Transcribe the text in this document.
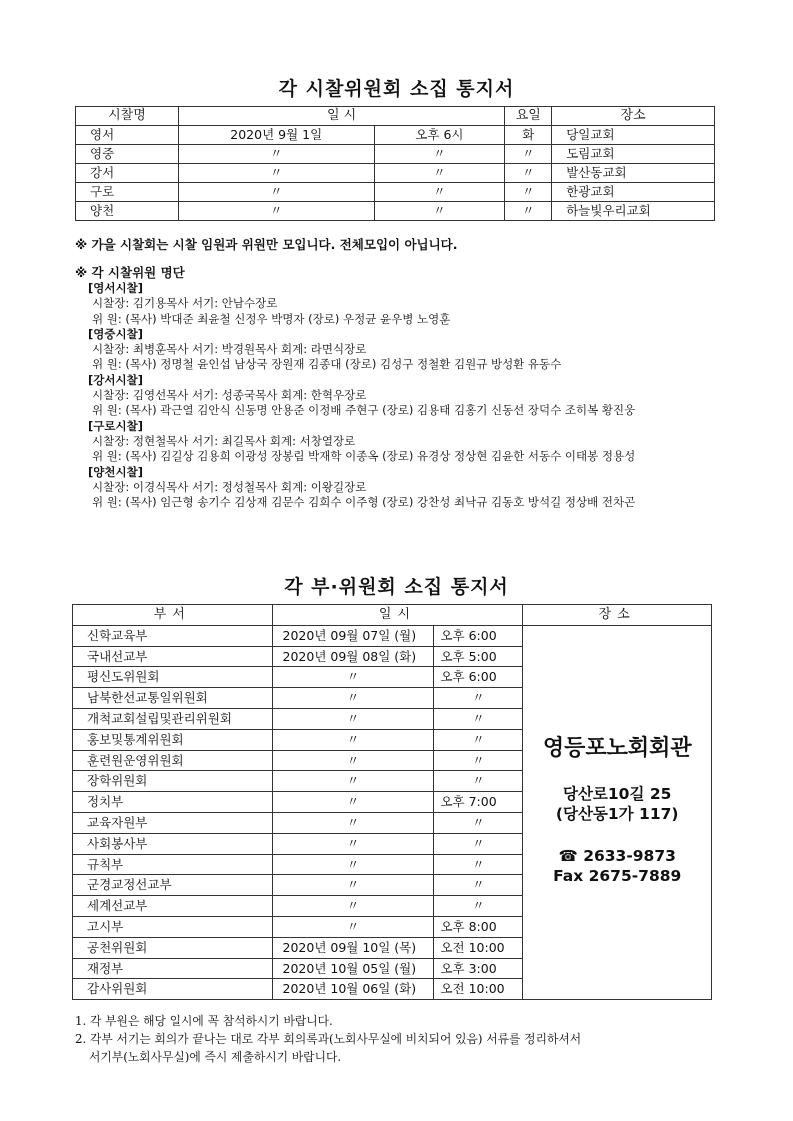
각 시찰위원회 소집 통지서
시찰명	일 시		요일	장소
영서	2020년 9월 1일	오후 6시	화	당일교회
영중	〃	〃	〃	도림교회
강서	〃	〃	〃	발산동교회
구로	〃	〃	〃	한광교회
양천	〃	〃	〃	하늘빛우리교회
※ 가을 시찰회는 시찰 임원과 위원만 모입니다. 전체모입이 아닙니다.
※ 각 시찰위원 명단
[영서시찰]
시찰장: 김기용목사 서기: 안남수장로
위 원: (목사) 박대준 최윤철 신정우 박명자 (장로) 우정균 윤우병 노영훈
[영중시찰]
시찰장: 최병훈목사 서기: 박경원목사 회계: 라면식장로
위 원: (목사) 정명철 윤인섭 남상국 장원재 김종대 (장로) 김성구 정철환 김원규 방성환 유동수
[강서시찰]
시찰장: 김영선목사 서기: 성종국목사 회계: 한혁우장로
위 원: (목사) 곽근열 김안식 신동명 안용준 이정배 주현구 (장로) 김용태 김홍기 신동선 장덕수 조히복 황진웅
[구로시찰]
시찰장: 정현철목사 서기: 최길목사 회계: 서창열장로
위 원: (목사) 김길상 김용희 이광성 장봉림 박재학 이종옥 (장로) 유경상 정상현 김윤한 서동수 이태봉 정용성
[양천시찰]
시찰장: 이경식목사 서기: 정성철목사 회계: 이왕길장로
위 원: (목사) 임근형 송기수 김상재 김문수 김희수 이주형 (장로) 강찬성 최낙규 김동호 방석길 정상배 전차곤
각 부·위원회 소집 통지서
부서	일시		장소
신학교육부	2020년 09월 07일 (월)	오후 6:00	영등포노회회관
당산로10길 25
(당산동1가 117)
☎ 2633-9873
Fax 2675-7889

국내선교부	2020년 09월 08일 (화)	오후 5:00	
평신도위원회	〃	오후 6:00	
남북한선교통일위원회	〃	〃	
개척교회설립및관리위원회	〃	〃	
홍보및통계위원회	〃	〃	
훈련원운영위원회	〃	〃	
장학위원회	〃	〃	
정치부	〃	오후 7:00	
교육자원부	〃	〃	
사회봉사부	〃	〃	
규칙부	〃	〃	
군경교정선교부	〃	〃	
세계선교부	〃	〃	
고시부	〃	오후 8:00	
공천위원회	2020년 09월 10일 (목)	오전 10:00	
재정부	2020년 10월 05일 (월)	오후 3:00	
감사위원회	2020년 10월 06일 (화)	오전 10:00	
1. 각 부원은 해당 일시에 꼭 참석하시기 바랍니다.
2. 각부 서기는 회의가 끝나는 대로 각부 회의록과(노회사무실에 비치되어 있음) 서류를 정리하셔서
서기부(노회사무실)에 즉시 제출하시기 바랍니다.
